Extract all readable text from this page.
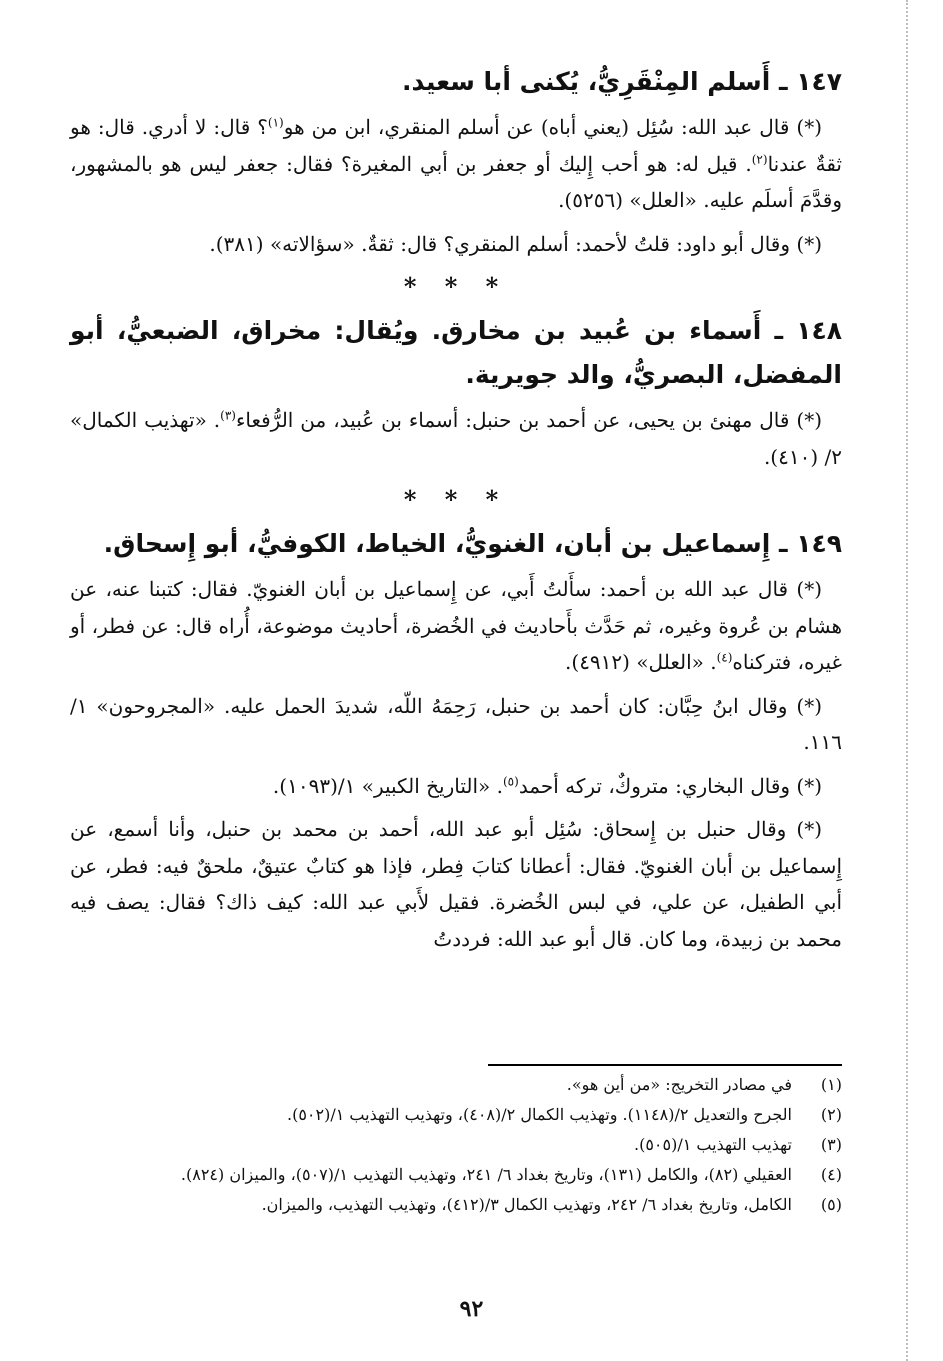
١٤٧ ـ أَسلم المِنْقَرِيُّ، يُكنى أبا سعيد.

(*) قال عبد الله: سُئِل (يعني أباه) عن أسلم المنقري، ابن من هو$^{(١)}$؟ قال: لا أدري. قال: هو ثقةٌ عندنا$^{(٢)}$. قيل له: هو أحب إِليك أو جعفر بن أبي المغيرة؟ فقال: جعفر ليس هو بالمشهور، وقدَّمَ أسلَم عليه. «العلل» (٥٢٥٦).

(*) وقال أبو داود: قلتُ لأحمد: أسلم المنقري؟ قال: ثقةٌ. «سؤالاته» (٣٨١).

* * *
١٤٨ ـ أَسماء بن عُبيد بن مخارق. ويُقال: مخراق، الضبعيُّ، أبو المفضل، البصريُّ، والد جويرية.

(*) قال مهنئ بن يحيى، عن أحمد بن حنبل: أسماء بن عُبيد، من الرُّفعاء$^{(٣)}$. «تهذيب الكمال» ٢/ (٤١٠).

* * *
١٤٩ ـ إِسماعيل بن أبان، الغنويُّ، الخياط، الكوفيُّ، أبو إِسحاق.

(*) قال عبد الله بن أحمد: سأَلتُ أَبي، عن إِسماعيل بن أبان الغنويّ. فقال: كتبنا عنه، عن هشام بن عُروة وغيره، ثم حَدَّث بأَحاديث في الخُضرة، أحاديث موضوعة، أُراه قال: عن فطر، أو غيره، فتركناه$^{(٤)}$. «العلل» (٤٩١٢).

(*) وقال ابنُ حِبَّان: كان أحمد بن حنبل، رَحِمَهُ اللّه، شديدَ الحمل عليه. «المجروحون» ١/ ١١٦.

(*) وقال البخاري: متروكٌ، تركه أحمد$^{(٥)}$. «التاريخ الكبير» ١/(١٠٩٣).

(*) وقال حنبل بن إِسحاق: سُئِل أبو عبد الله، أحمد بن محمد بن حنبل، وأنا أسمع، عن إِسماعيل بن أبان الغنويّ. فقال: أعطانا كتابَ فِطر، فإذا هو كتابٌ عتيقٌ، ملحقٌ فيه: فطر، عن أبي الطفيل، عن علي، في لبس الخُضرة. فقيل لأَبي عبد الله: كيف ذاك؟ فقال: يصف فيه محمد بن زبيدة، وما كان. قال أبو عبد الله: فرددتُ

(١)
في مصادر التخريج: «من أين هو».
(٢)
الجرح والتعديل ٢/(١١٤٨). وتهذيب الكمال ٢/(٤٠٨)، وتهذيب التهذيب ١/(٥٠٢).
(٣)
تهذيب التهذيب ١/(٥٠٥).
(٤)
العقيلي (٨٢)، والكامل (١٣١)، وتاريخ بغداد ٦/ ٢٤١، وتهذيب التهذيب ١/(٥٠٧)، والميزان (٨٢٤).
(٥)
الكامل، وتاريخ بغداد ٦/ ٢٤٢، وتهذيب الكمال ٣/(٤١٢)، وتهذيب التهذيب، والميزان.
٩٢
